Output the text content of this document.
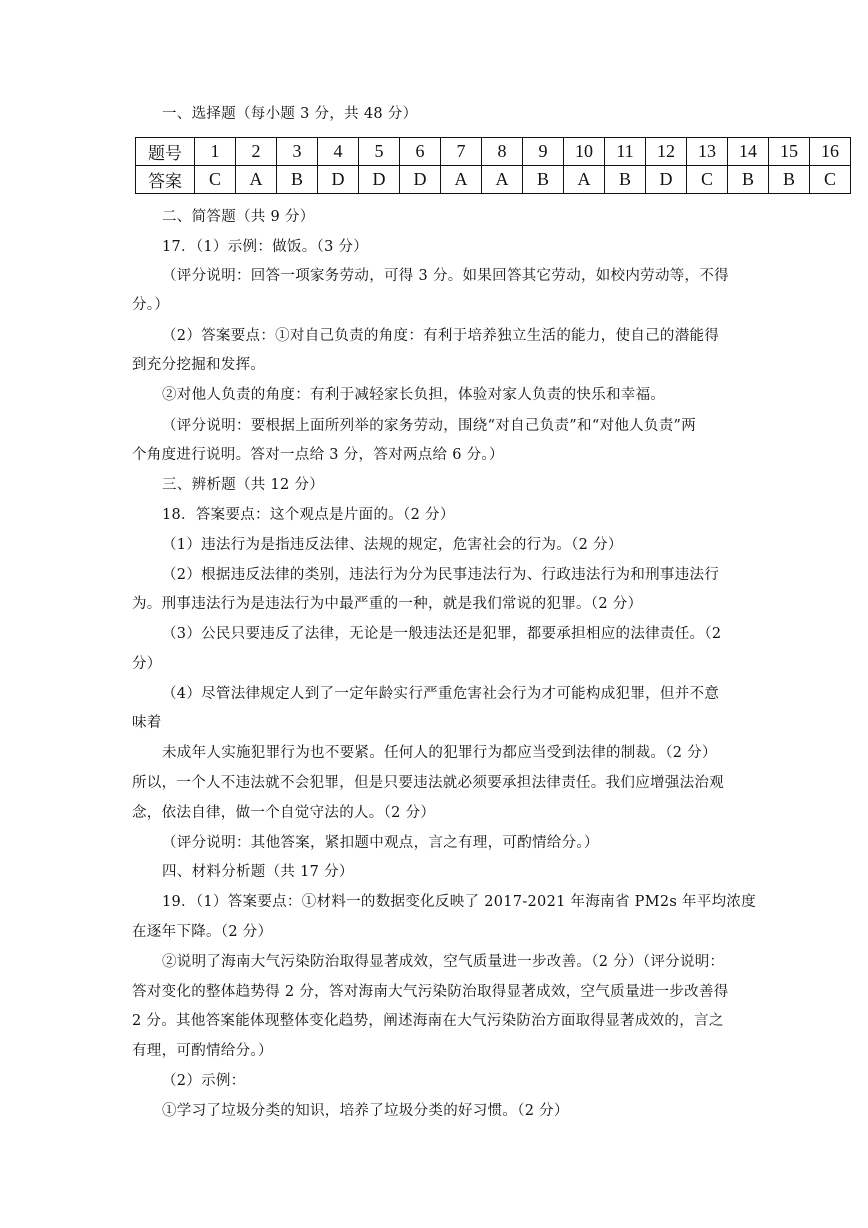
一、选择题（每小题 3 分，共 48 分）
题号	1	2	3	4	5	6	7	8	9	10	11	12	13	14	15	16
答案	C	A	B	D	D	D	A	A	B	A	B	D	C	B	B	C
二、简答题（共 9 分）
17．（1）示例：做饭。（3 分）
（评分说明：回答一项家务劳动，可得 3 分。如果回答其它劳动，如校内劳动等，不得
分。）
（2）答案要点：①对自己负责的角度：有利于培养独立生活的能力，使自己的潜能得
到充分挖掘和发挥。
②对他人负责的角度：有利于减轻家长负担，体验对家人负责的快乐和幸福。
（评分说明：要根据上面所列举的家务劳动，围绕“对自己负责”和“对他人负责”两
个角度进行说明。答对一点给 3 分，答对两点给 6 分。）
三、辨析题（共 12 分）
18．答案要点：这个观点是片面的。（2 分）
（1）违法行为是指违反法律、法规的规定，危害社会的行为。（2 分）
（2）根据违反法律的类别，违法行为分为民事违法行为、行政违法行为和刑事违法行
为。刑事违法行为是违法行为中最严重的一种，就是我们常说的犯罪。（2 分）
（3）公民只要违反了法律，无论是一般违法还是犯罪，都要承担相应的法律责任。（2
分）
（4）尽管法律规定人到了一定年龄实行严重危害社会行为才可能构成犯罪，但并不意
味着
未成年人实施犯罪行为也不要紧。任何人的犯罪行为都应当受到法律的制裁。（2 分）
所以，一个人不违法就不会犯罪，但是只要违法就必须要承担法律责任。我们应增强法治观
念，依法自律，做一个自觉守法的人。（2 分）
（评分说明：其他答案，紧扣题中观点，言之有理，可酌情给分。）
四、材料分析题（共 17 分）
19．（1）答案要点：①材料一的数据变化反映了 2017-2021 年海南省 PM2s 年平均浓度
在逐年下降。（2 分）
②说明了海南大气污染防治取得显著成效，空气质量进一步改善。（2 分）（评分说明：
答对变化的整体趋势得 2 分，答对海南大气污染防治取得显著成效，空气质量进一步改善得
2 分。其他答案能体现整体变化趋势，阐述海南在大气污染防治方面取得显著成效的，言之
有理，可酌情给分。）
（2）示例：
①学习了垃圾分类的知识，培养了垃圾分类的好习惯。（2 分）
